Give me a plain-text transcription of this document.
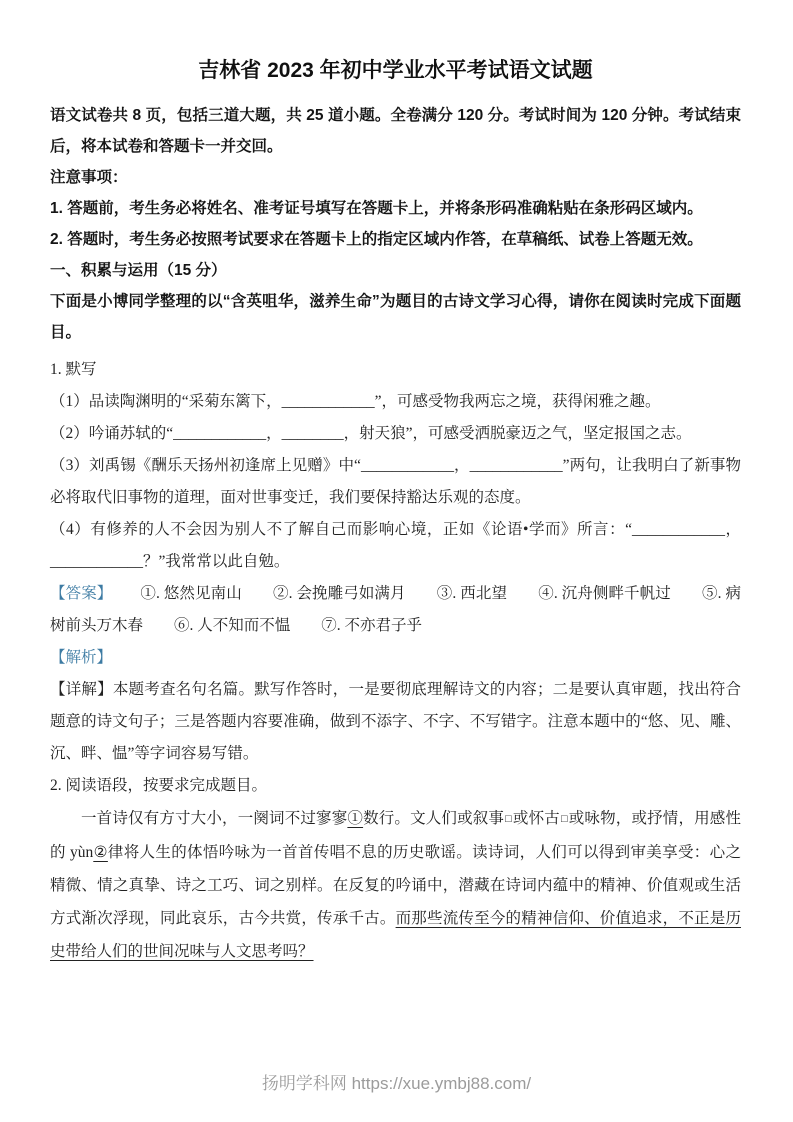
吉林省 2023 年初中学业水平考试语文试题

语文试卷共 8 页，包括三道大题，共 25 道小题。全卷满分 120 分。考试时间为 120 分钟。考试结束后，将本试卷和答题卡一并交回。

注意事项：

1. 答题前，考生务必将姓名、准考证号填写在答题卡上，并将条形码准确粘贴在条形码区域内。

2. 答题时，考生务必按照考试要求在答题卡上的指定区域内作答，在草稿纸、试卷上答题无效。

一、积累与运用（15 分）

下面是小博同学整理的以“含英咀华，滋养生命”为题目的古诗文学习心得，请你在阅读时完成下面题目。

1. 默写

（1）品读陶渊明的“采菊东篱下，____________”，可感受物我两忘之境，获得闲雅之趣。

（2）吟诵苏轼的“____________，________，射天狼”，可感受洒脱豪迈之气，坚定报国之志。

（3）刘禹锡《酬乐天扬州初逢席上见赠》中“____________，____________”两句，让我明白了新事物必将取代旧事物的道理，面对世事变迁，我们要保持豁达乐观的态度。

（4）有修养的人不会因为别人不了解自己而影响心境，正如《论语•学而》所言：“____________，____________？”我常常以此自勉。

【答案】 ①. 悠然见南山　　②. 会挽雕弓如满月　　③. 西北望　　④. 沉舟侧畔千帆过　　⑤. 病树前头万木春　　⑥. 人不知而不愠　　⑦. 不亦君子乎

【解析】

【详解】本题考查名句名篇。默写作答时，一是要彻底理解诗文的内容；二是要认真审题，找出符合题意的诗文句子；三是答题内容要准确，做到不添字、不字、不写错字。注意本题中的“悠、见、雕、沉、畔、愠”等字词容易写错。

2. 阅读语段，按要求完成题目。

一首诗仅有方寸大小，一阕词不过寥寥①数行。文人们或叙事□或怀古□或咏物，或抒情，用感性的 yùn②律将人生的体悟吟咏为一首首传唱不息的历史歌谣。读诗词，人们可以得到审美享受：心之精微、情之真挚、诗之工巧、词之别样。在反复的吟诵中，潜藏在诗词内蕴中的精神、价值观或生活方式渐次浮现，同此哀乐，古今共赏，传承千古。而那些流传至今的精神信仰、价值追求，不正是历史带给人们的世间况味与人文思考吗？

扬明学科网 https://xue.ymbj88.com/
